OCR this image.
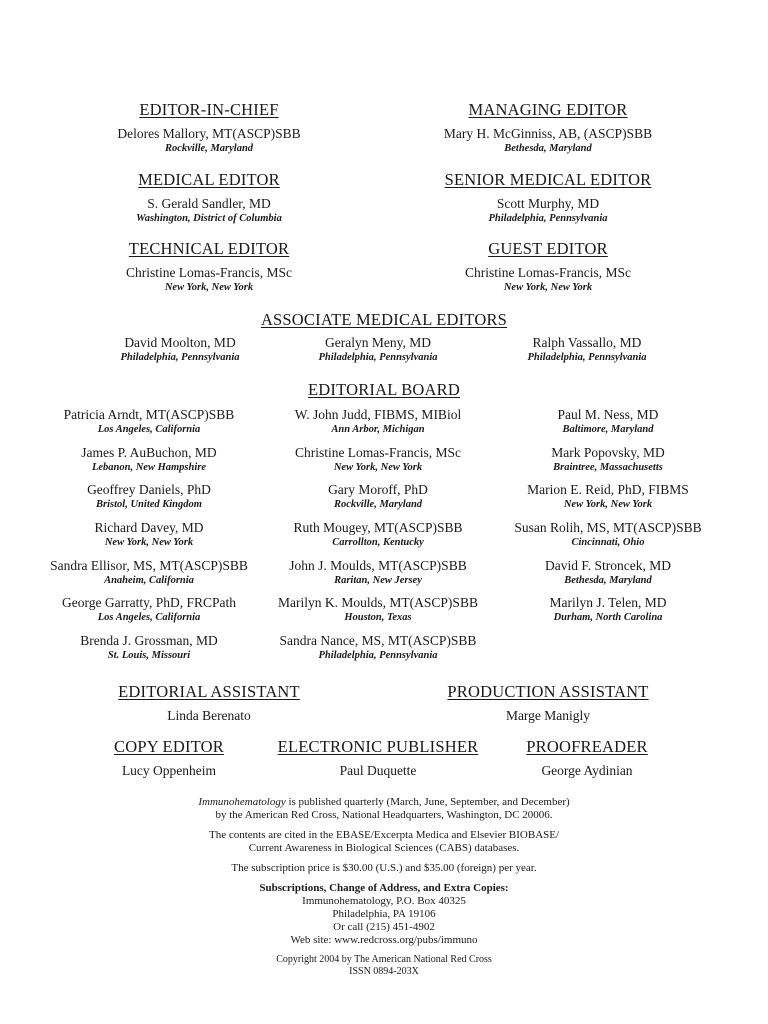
EDITOR-IN-CHIEF
Delores Mallory, MT(ASCP)SBB
Rockville, Maryland
MANAGING EDITOR
Mary H. McGinniss, AB, (ASCP)SBB
Bethesda, Maryland
MEDICAL EDITOR
S. Gerald Sandler, MD
Washington, District of Columbia
SENIOR MEDICAL EDITOR
Scott Murphy, MD
Philadelphia, Pennsylvania
TECHNICAL EDITOR
Christine Lomas-Francis, MSc
New York, New York
GUEST EDITOR
Christine Lomas-Francis, MSc
New York, New York
ASSOCIATE MEDICAL EDITORS
David Moolton, MD
Philadelphia, Pennsylvania
Geralyn Meny, MD
Philadelphia, Pennsylvania
Ralph Vassallo, MD
Philadelphia, Pennsylvania
EDITORIAL BOARD
Patricia Arndt, MT(ASCP)SBB
Los Angeles, California
James P. AuBuchon, MD
Lebanon, New Hampshire
Geoffrey Daniels, PhD
Bristol, United Kingdom
Richard Davey, MD
New York, New York
Sandra Ellisor, MS, MT(ASCP)SBB
Anaheim, California
George Garratty, PhD, FRCPath
Los Angeles, California
Brenda J. Grossman, MD
St. Louis, Missouri
W. John Judd, FIBMS, MIBiol
Ann Arbor, Michigan
Christine Lomas-Francis, MSc
New York, New York
Gary Moroff, PhD
Rockville, Maryland
Ruth Mougey, MT(ASCP)SBB
Carrollton, Kentucky
John J. Moulds, MT(ASCP)SBB
Raritan, New Jersey
Marilyn K. Moulds, MT(ASCP)SBB
Houston, Texas
Sandra Nance, MS, MT(ASCP)SBB
Philadelphia, Pennsylvania
Paul M. Ness, MD
Baltimore, Maryland
Mark Popovsky, MD
Braintree, Massachusetts
Marion E. Reid, PhD, FIBMS
New York, New York
Susan Rolih, MS, MT(ASCP)SBB
Cincinnati, Ohio
David F. Stroncek, MD
Bethesda, Maryland
Marilyn J. Telen, MD
Durham, North Carolina
EDITORIAL ASSISTANT
Linda Berenato
PRODUCTION ASSISTANT
Marge Manigly
COPY EDITOR
Lucy Oppenheim
ELECTRONIC PUBLISHER
Paul Duquette
PROOFREADER
George Aydinian

Immunohematology is published quarterly (March, June, September, and December)
by the American Red Cross, National Headquarters, Washington, DC 20006.

The contents are cited in the EBASE/Excerpta Medica and Elsevier BIOBASE/
Current Awareness in Biological Sciences (CABS) databases.

The subscription price is $30.00 (U.S.) and $35.00 (foreign) per year.

Subscriptions, Change of Address, and Extra Copies:
Immunohematology, P.O. Box 40325
Philadelphia, PA 19106
Or call (215) 451-4902
Web site: www.redcross.org/pubs/immuno

Copyright 2004 by The American National Red Cross
ISSN 0894-203X
